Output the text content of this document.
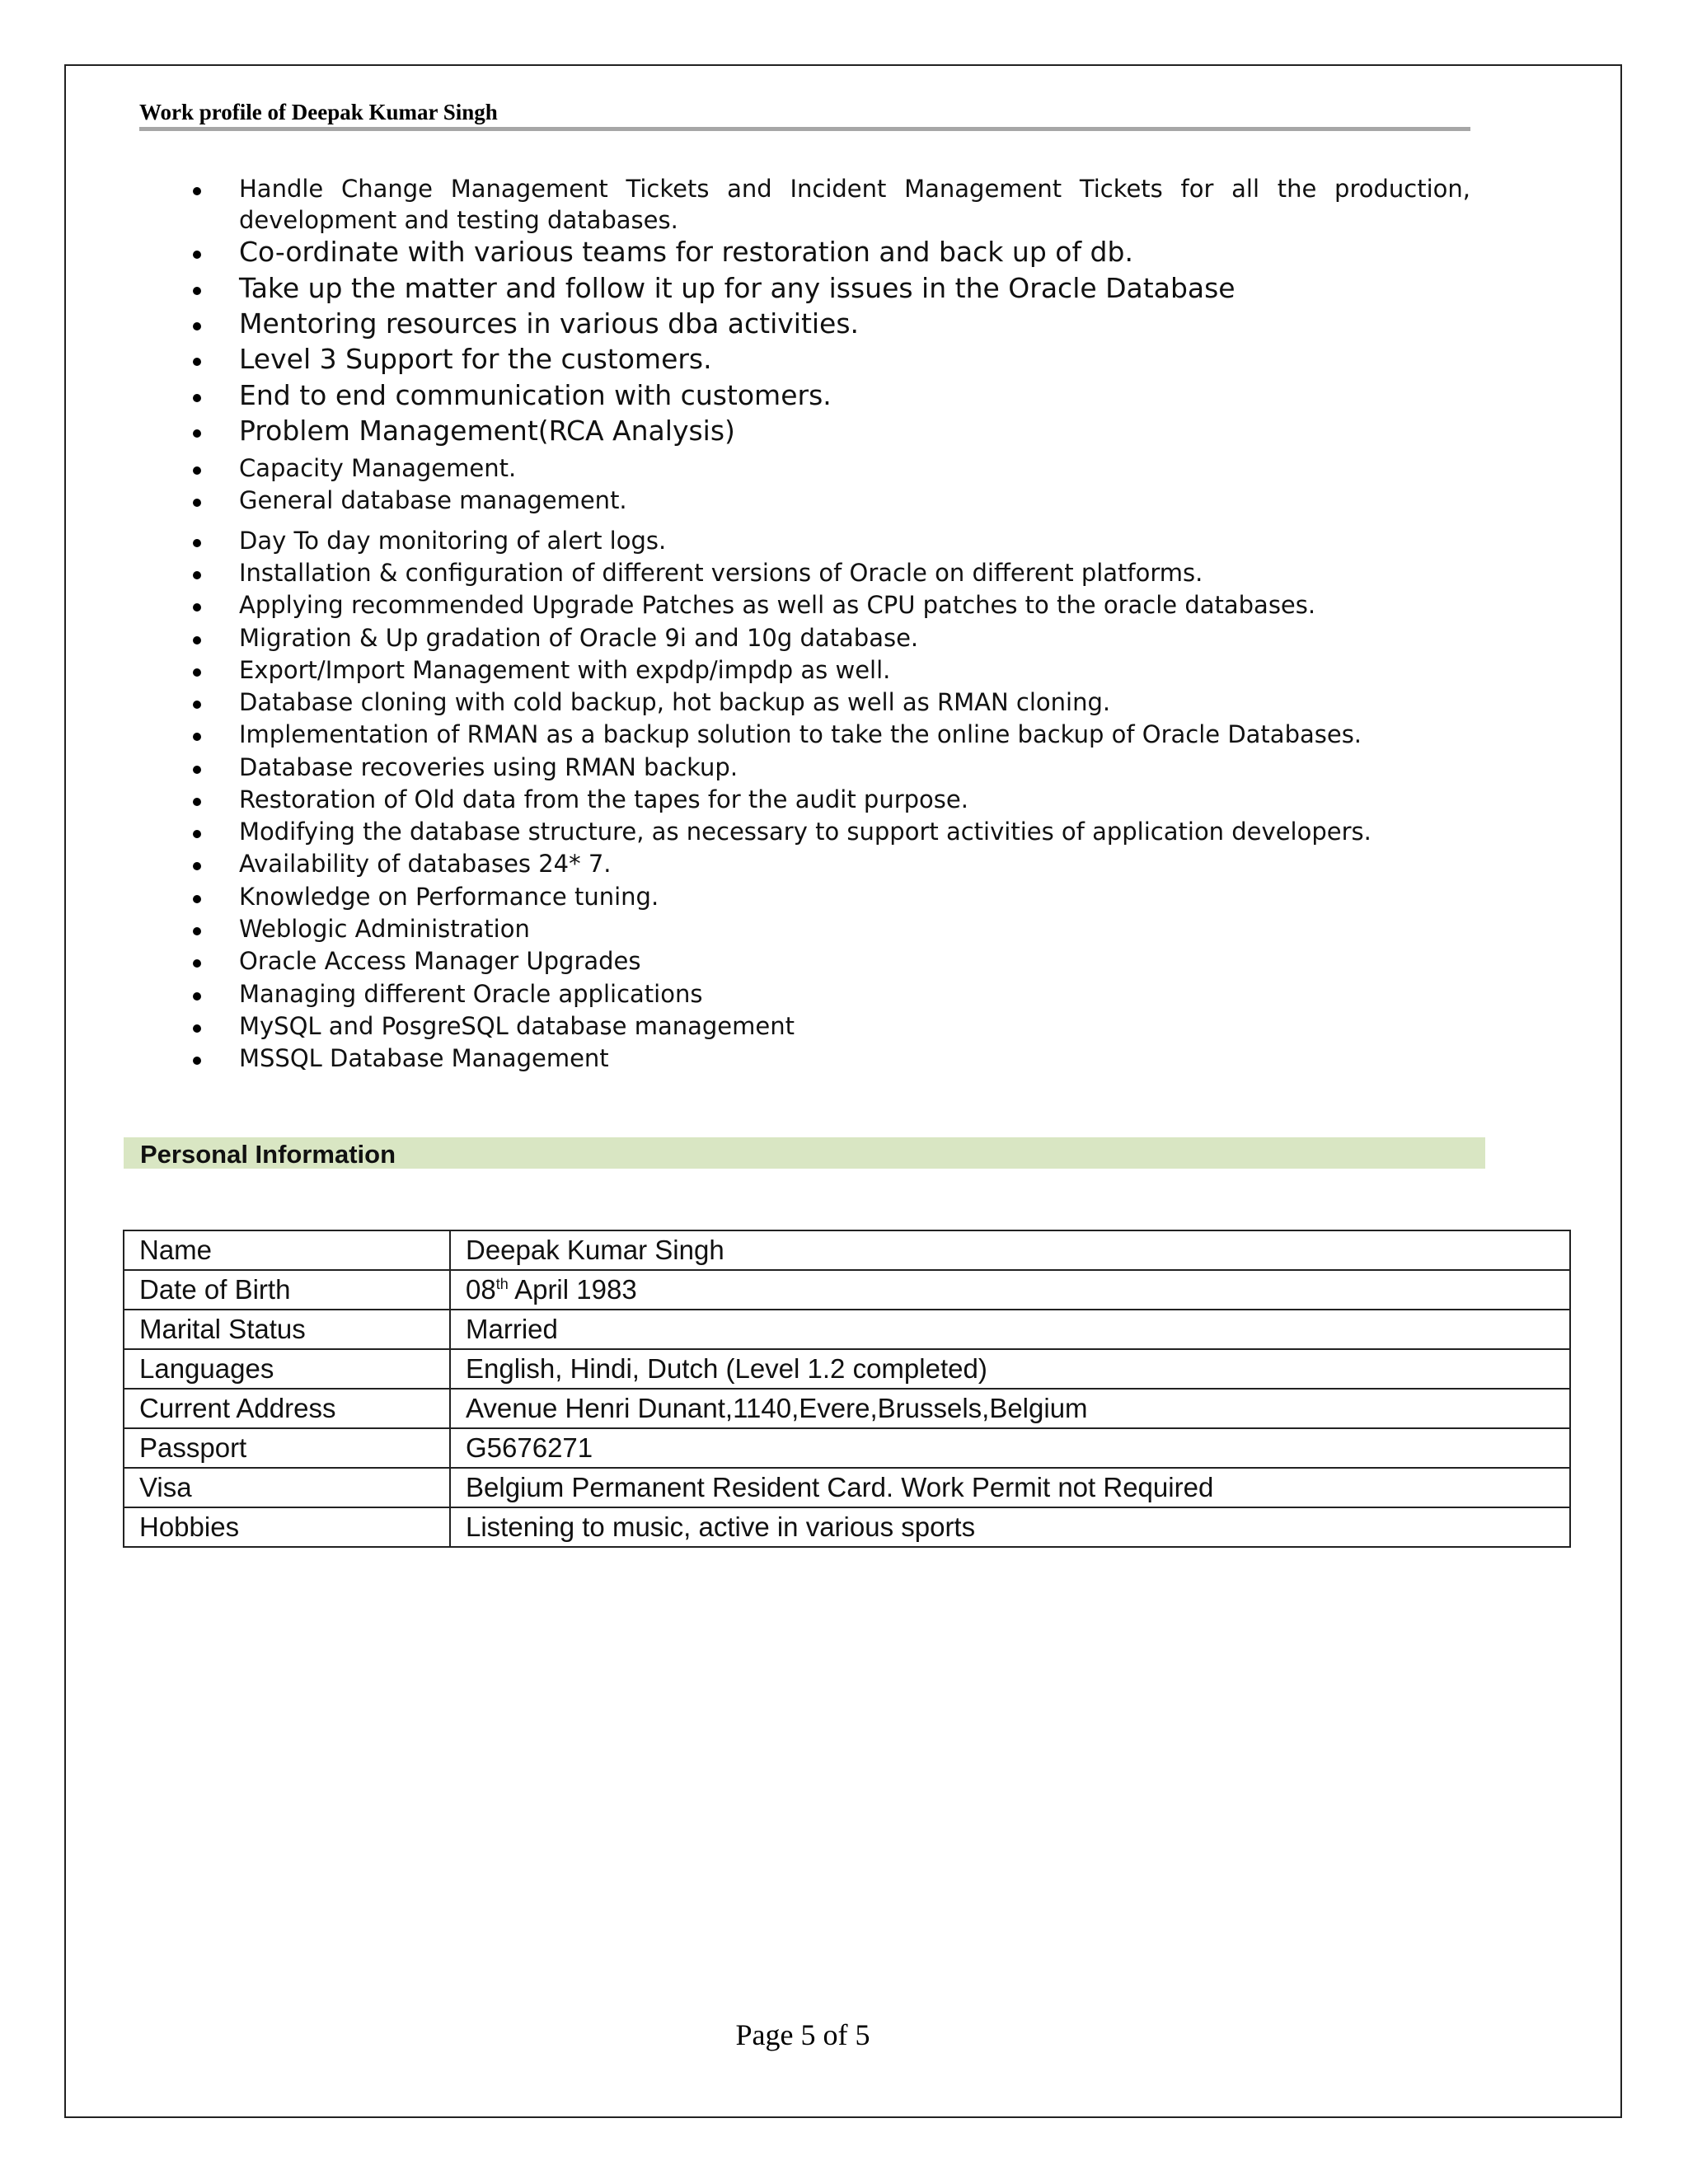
Work profile of Deepak Kumar Singh
Handle Change Management Tickets and Incident Management Tickets for all the production,
development and testing databases.
Co-ordinate with various teams for restoration and back up of db.
Take up the matter and follow it up for any issues in the Oracle Database
Mentoring resources in various dba activities.
Level 3 Support for the customers.
End to end communication with customers.
Problem Management(RCA Analysis)
Capacity Management.
General database management.
Day To day monitoring of alert logs.
Installation & configuration of different versions of Oracle on different platforms.
Applying recommended Upgrade Patches as well as CPU patches to the oracle databases.
Migration & Up gradation of Oracle 9i and 10g database.
Export/Import Management with expdp/impdp as well.
Database cloning with cold backup, hot backup as well as RMAN cloning.
Implementation of RMAN as a backup solution to take the online backup of Oracle Databases.
Database recoveries using RMAN backup.
Restoration of Old data from the tapes for the audit purpose.
Modifying the database structure, as necessary to support activities of application developers.
Availability of databases 24* 7.
Knowledge on Performance tuning.
Weblogic Administration
Oracle Access Manager Upgrades
Managing different Oracle applications
MySQL and PosgreSQL database management
MSSQL Database Management
Personal Information
Name	Deepak Kumar Singh
Date of Birth	08th April 1983
Marital Status	Married
Languages	English, Hindi, Dutch (Level 1.2 completed)
Current Address	Avenue Henri Dunant,1140,Evere,Brussels,Belgium
Passport	G5676271
Visa	Belgium Permanent Resident Card. Work Permit not Required
Hobbies	Listening to music, active in various sports
Page 5 of 5
